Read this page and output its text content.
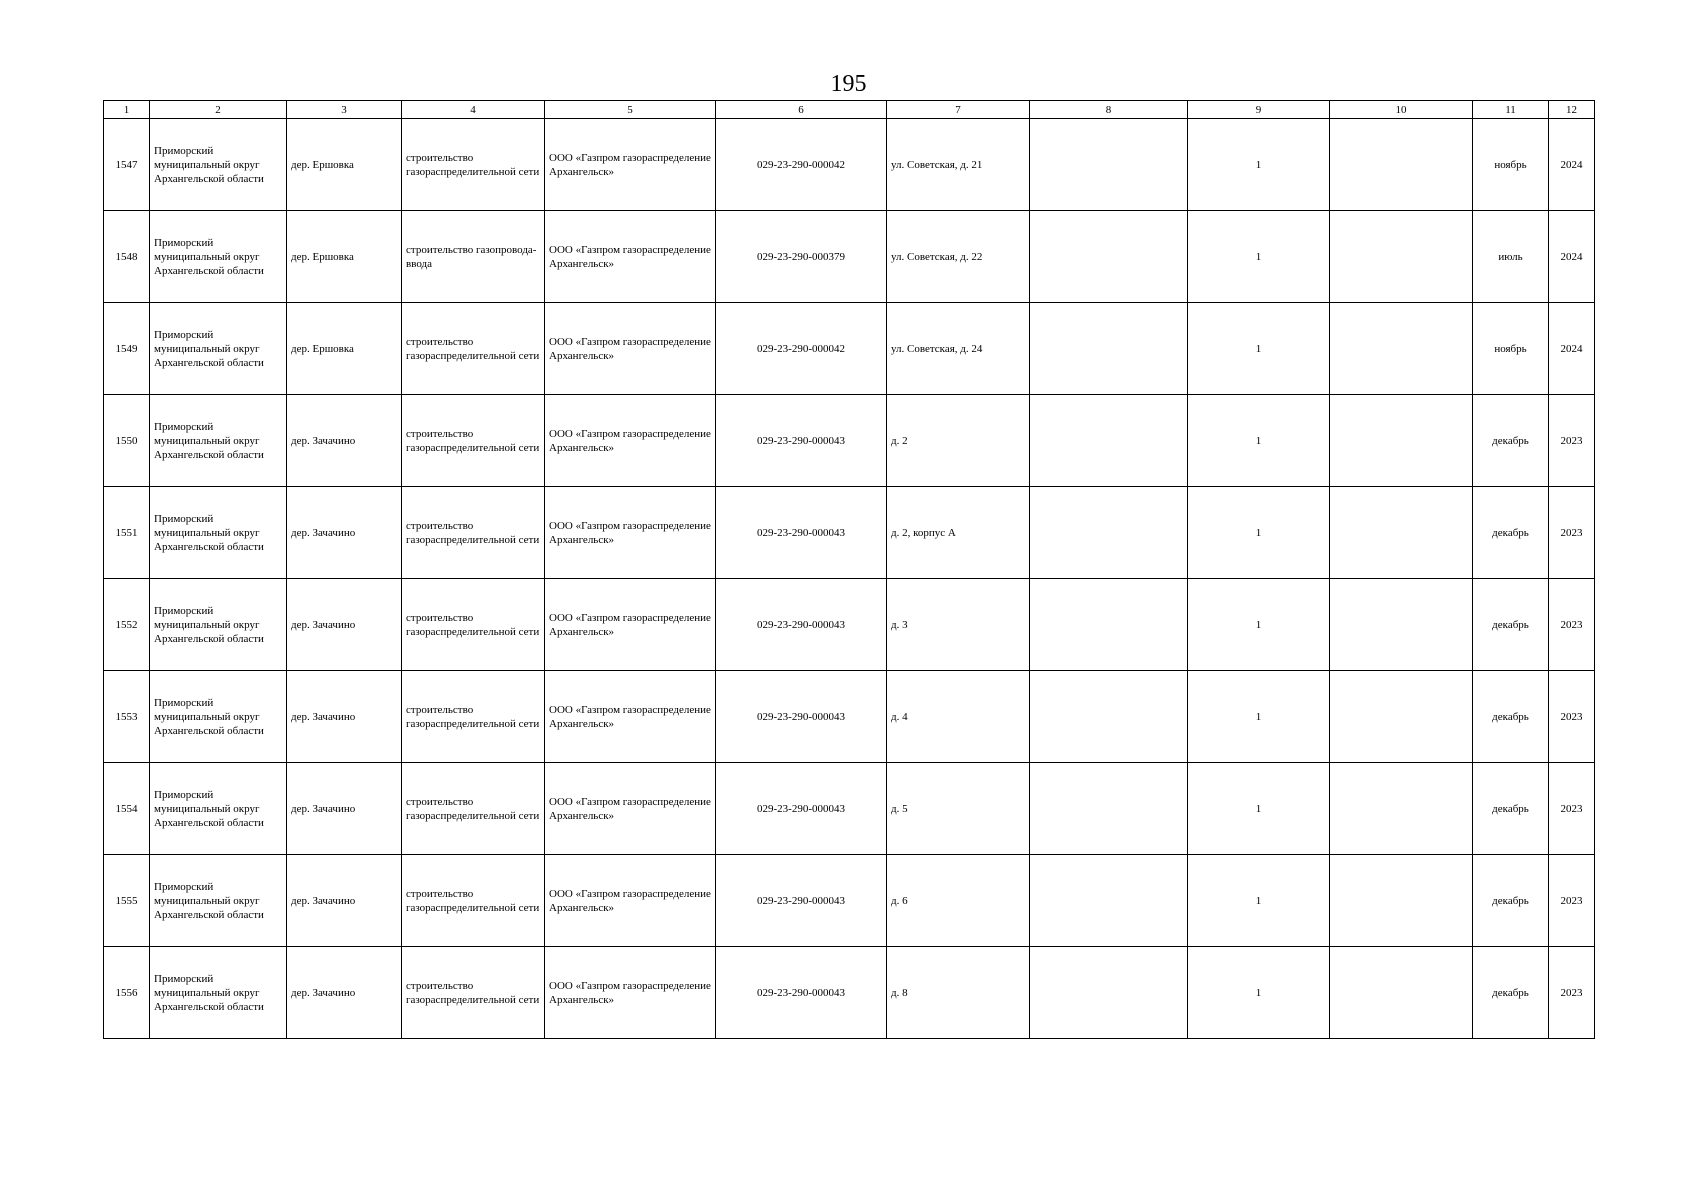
195
1	2	3	4	5	6	7	8	9	10	11	12
1547	Приморский муниципальный округ Архангельской области	дер. Ершовка	строительство газораспределительной сети	ООО «Газпром газораспределение Архангельск»	029-23-290-000042	ул. Советская, д. 21		1		ноябрь	2024
1548	Приморский муниципальный округ Архангельской области	дер. Ершовка	строительство газопровода-ввода	ООО «Газпром газораспределение Архангельск»	029-23-290-000379	ул. Советская, д. 22		1		июль	2024
1549	Приморский муниципальный округ Архангельской области	дер. Ершовка	строительство газораспределительной сети	ООО «Газпром газораспределение Архангельск»	029-23-290-000042	ул. Советская, д. 24		1		ноябрь	2024
1550	Приморский муниципальный округ Архангельской области	дер. Зачачино	строительство газораспределительной сети	ООО «Газпром газораспределение Архангельск»	029-23-290-000043	д. 2		1		декабрь	2023
1551	Приморский муниципальный округ Архангельской области	дер. Зачачино	строительство газораспределительной сети	ООО «Газпром газораспределение Архангельск»	029-23-290-000043	д. 2, корпус А		1		декабрь	2023
1552	Приморский муниципальный округ Архангельской области	дер. Зачачино	строительство газораспределительной сети	ООО «Газпром газораспределение Архангельск»	029-23-290-000043	д. 3		1		декабрь	2023
1553	Приморский муниципальный округ Архангельской области	дер. Зачачино	строительство газораспределительной сети	ООО «Газпром газораспределение Архангельск»	029-23-290-000043	д. 4		1		декабрь	2023
1554	Приморский муниципальный округ Архангельской области	дер. Зачачино	строительство газораспределительной сети	ООО «Газпром газораспределение Архангельск»	029-23-290-000043	д. 5		1		декабрь	2023
1555	Приморский муниципальный округ Архангельской области	дер. Зачачино	строительство газораспределительной сети	ООО «Газпром газораспределение Архангельск»	029-23-290-000043	д. 6		1		декабрь	2023
1556	Приморский муниципальный округ Архангельской области	дер. Зачачино	строительство газораспределительной сети	ООО «Газпром газораспределение Архангельск»	029-23-290-000043	д. 8		1		декабрь	2023
